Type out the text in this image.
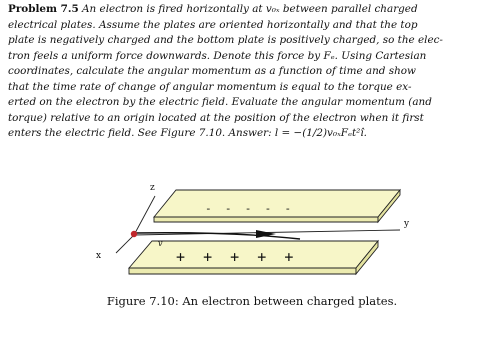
Problem 7.5 An electron is fired horizontally at v₀ₓ between parallel charged
electrical plates. Assume the plates are oriented horizontally and that the top
plate is negatively charged and the bottom plate is positively charged, so the elec-
tron feels a uniform force downwards. Denote this force by Fₑ. Using Cartesian
coordinates, calculate the angular momentum as a function of time and show
that the time rate of change of angular momentum is equal to the torque ex-
erted on the electron by the electric field. Evaluate the angular momentum (and
torque) relative to an origin located at the position of the electron when it first
enters the electric field. See Figure 7.10. Answer: l = −(1/2)v₀ₓFₑt²î.
-  -  -  -  -
+  +  +  +  +
z
y
x
v
Figure 7.10: An electron between charged plates.
